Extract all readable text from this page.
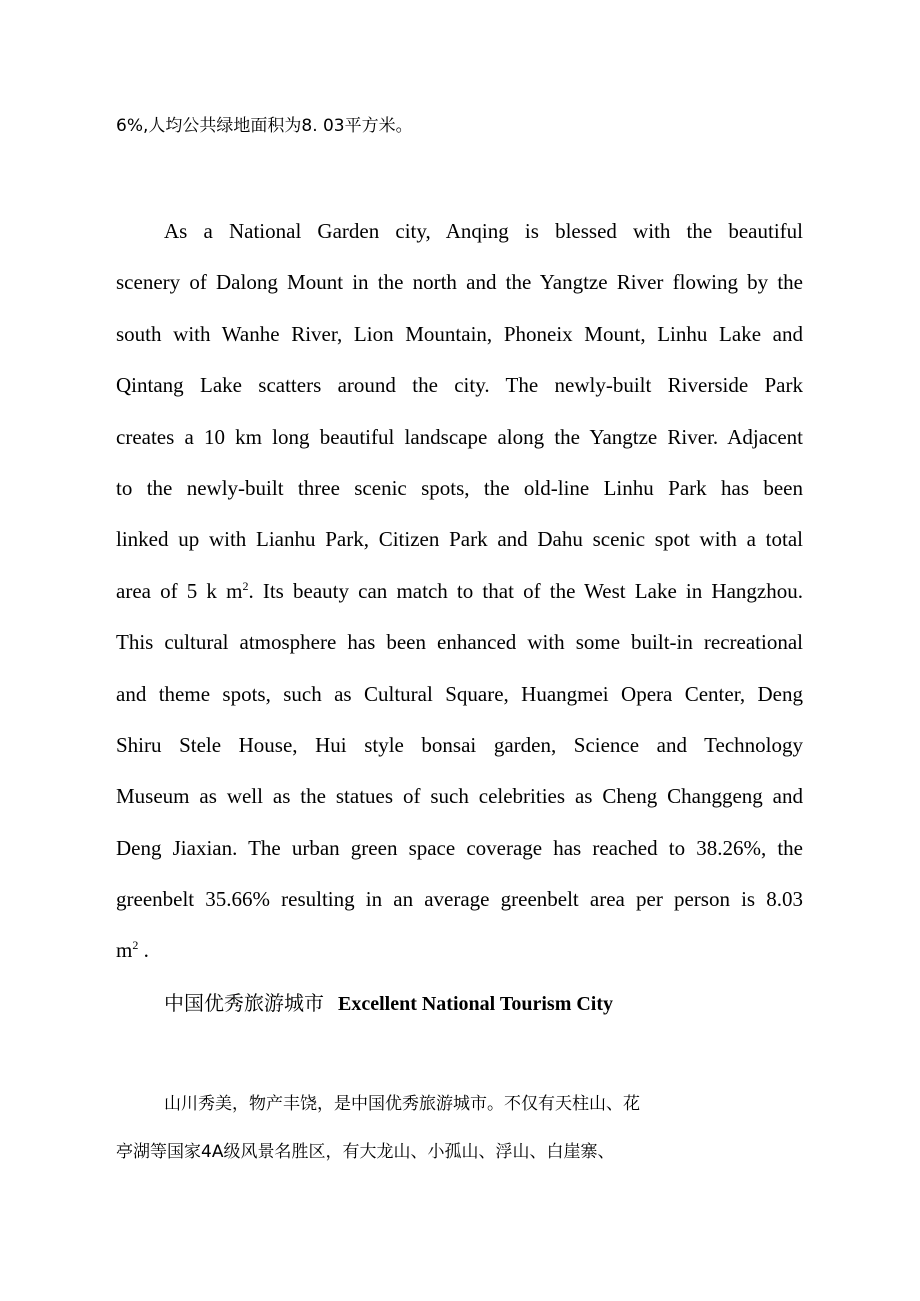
6%,人均公共绿地面积为8. 03平方米。
As a National Garden city, Anqing is blessed with the beautiful
scenery of Dalong Mount in the north and the Yangtze River flowing by the
south with Wanhe River, Lion Mountain, Phoneix Mount, Linhu Lake and
Qintang Lake scatters around the city. The newly-built Riverside Park
creates a 10 km long beautiful landscape along the Yangtze River. Adjacent
to the newly-built three scenic spots, the old-line Linhu Park has been
linked up with Lianhu Park, Citizen Park and Dahu scenic spot with a total
area of 5 k $m^2$. Its beauty can match to that of the West Lake in Hangzhou.
This cultural atmosphere has been enhanced with some built-in recreational
and theme spots, such as Cultural Square, Huangmei Opera Center, Deng
Shiru Stele House, Hui style bonsai garden, Science and Technology
Museum as well as the statues of such celebrities as Cheng Changgeng and
Deng Jiaxian. The urban green space coverage has reached to 38.26%, the
greenbelt 35.66% resulting in an average greenbelt area per person is 8.03
$m^2$ .
中国优秀旅游城市 Excellent National Tourism City
山川秀美，物产丰饶，是中国优秀旅游城市。不仅有天柱山、花
亭湖等国家4A级风景名胜区，有大龙山、小孤山、浮山、白崖寨、
